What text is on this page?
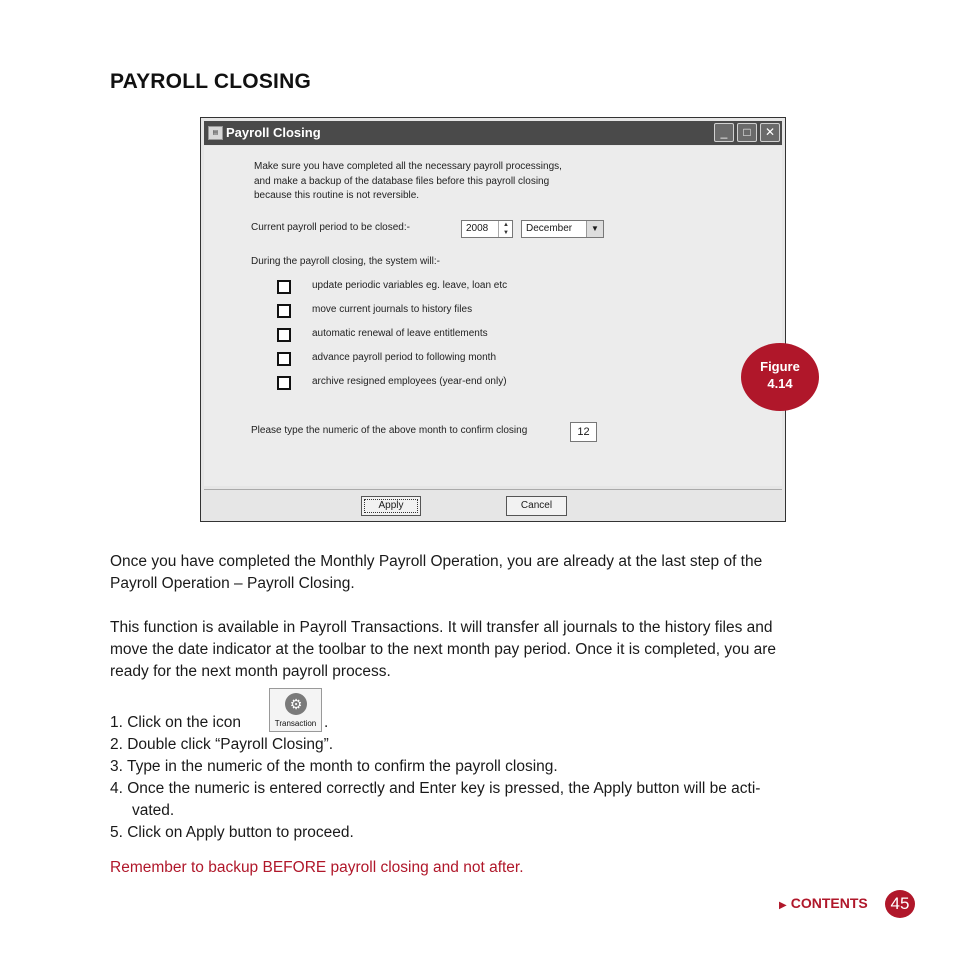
PAYROLL CLOSING
▤ Payroll Closing	_	□	✕
Make sure you have completed all the necessary payroll processings,
and make a backup of the database files before this payroll closing
because this routine is not reversible.
Current payroll period to be closed:-	2008	▲
▼	December	▼
During the payroll closing, the system will:-
update periodic variables eg. leave, loan etc
move current journals to history files
automatic renewal of leave entitlements
advance payroll period to following month
archive resigned employees (year-end only)
Please type the numeric of the above month to confirm closing	12
Apply	Cancel
Figure
4.14
Once you have completed the Monthly Payroll Operation, you are already at the last step of the
Payroll Operation – Payroll Closing.
This function is available in Payroll Transactions. It will transfer all journals to the history files and
move the date indicator at the toolbar to the next month pay period. Once it is completed, you are
ready for the next month payroll process.
1. Click on the icon	.
⚙
Transaction
2. Double click “Payroll Closing”.
3. Type in the numeric of the month to confirm the payroll closing.
4. Once the numeric is entered correctly and Enter key is pressed, the Apply button will be acti-
vated.
5. Click on Apply button to proceed.
Remember to backup BEFORE payroll closing and not after.
▶ CONTENTS	45
